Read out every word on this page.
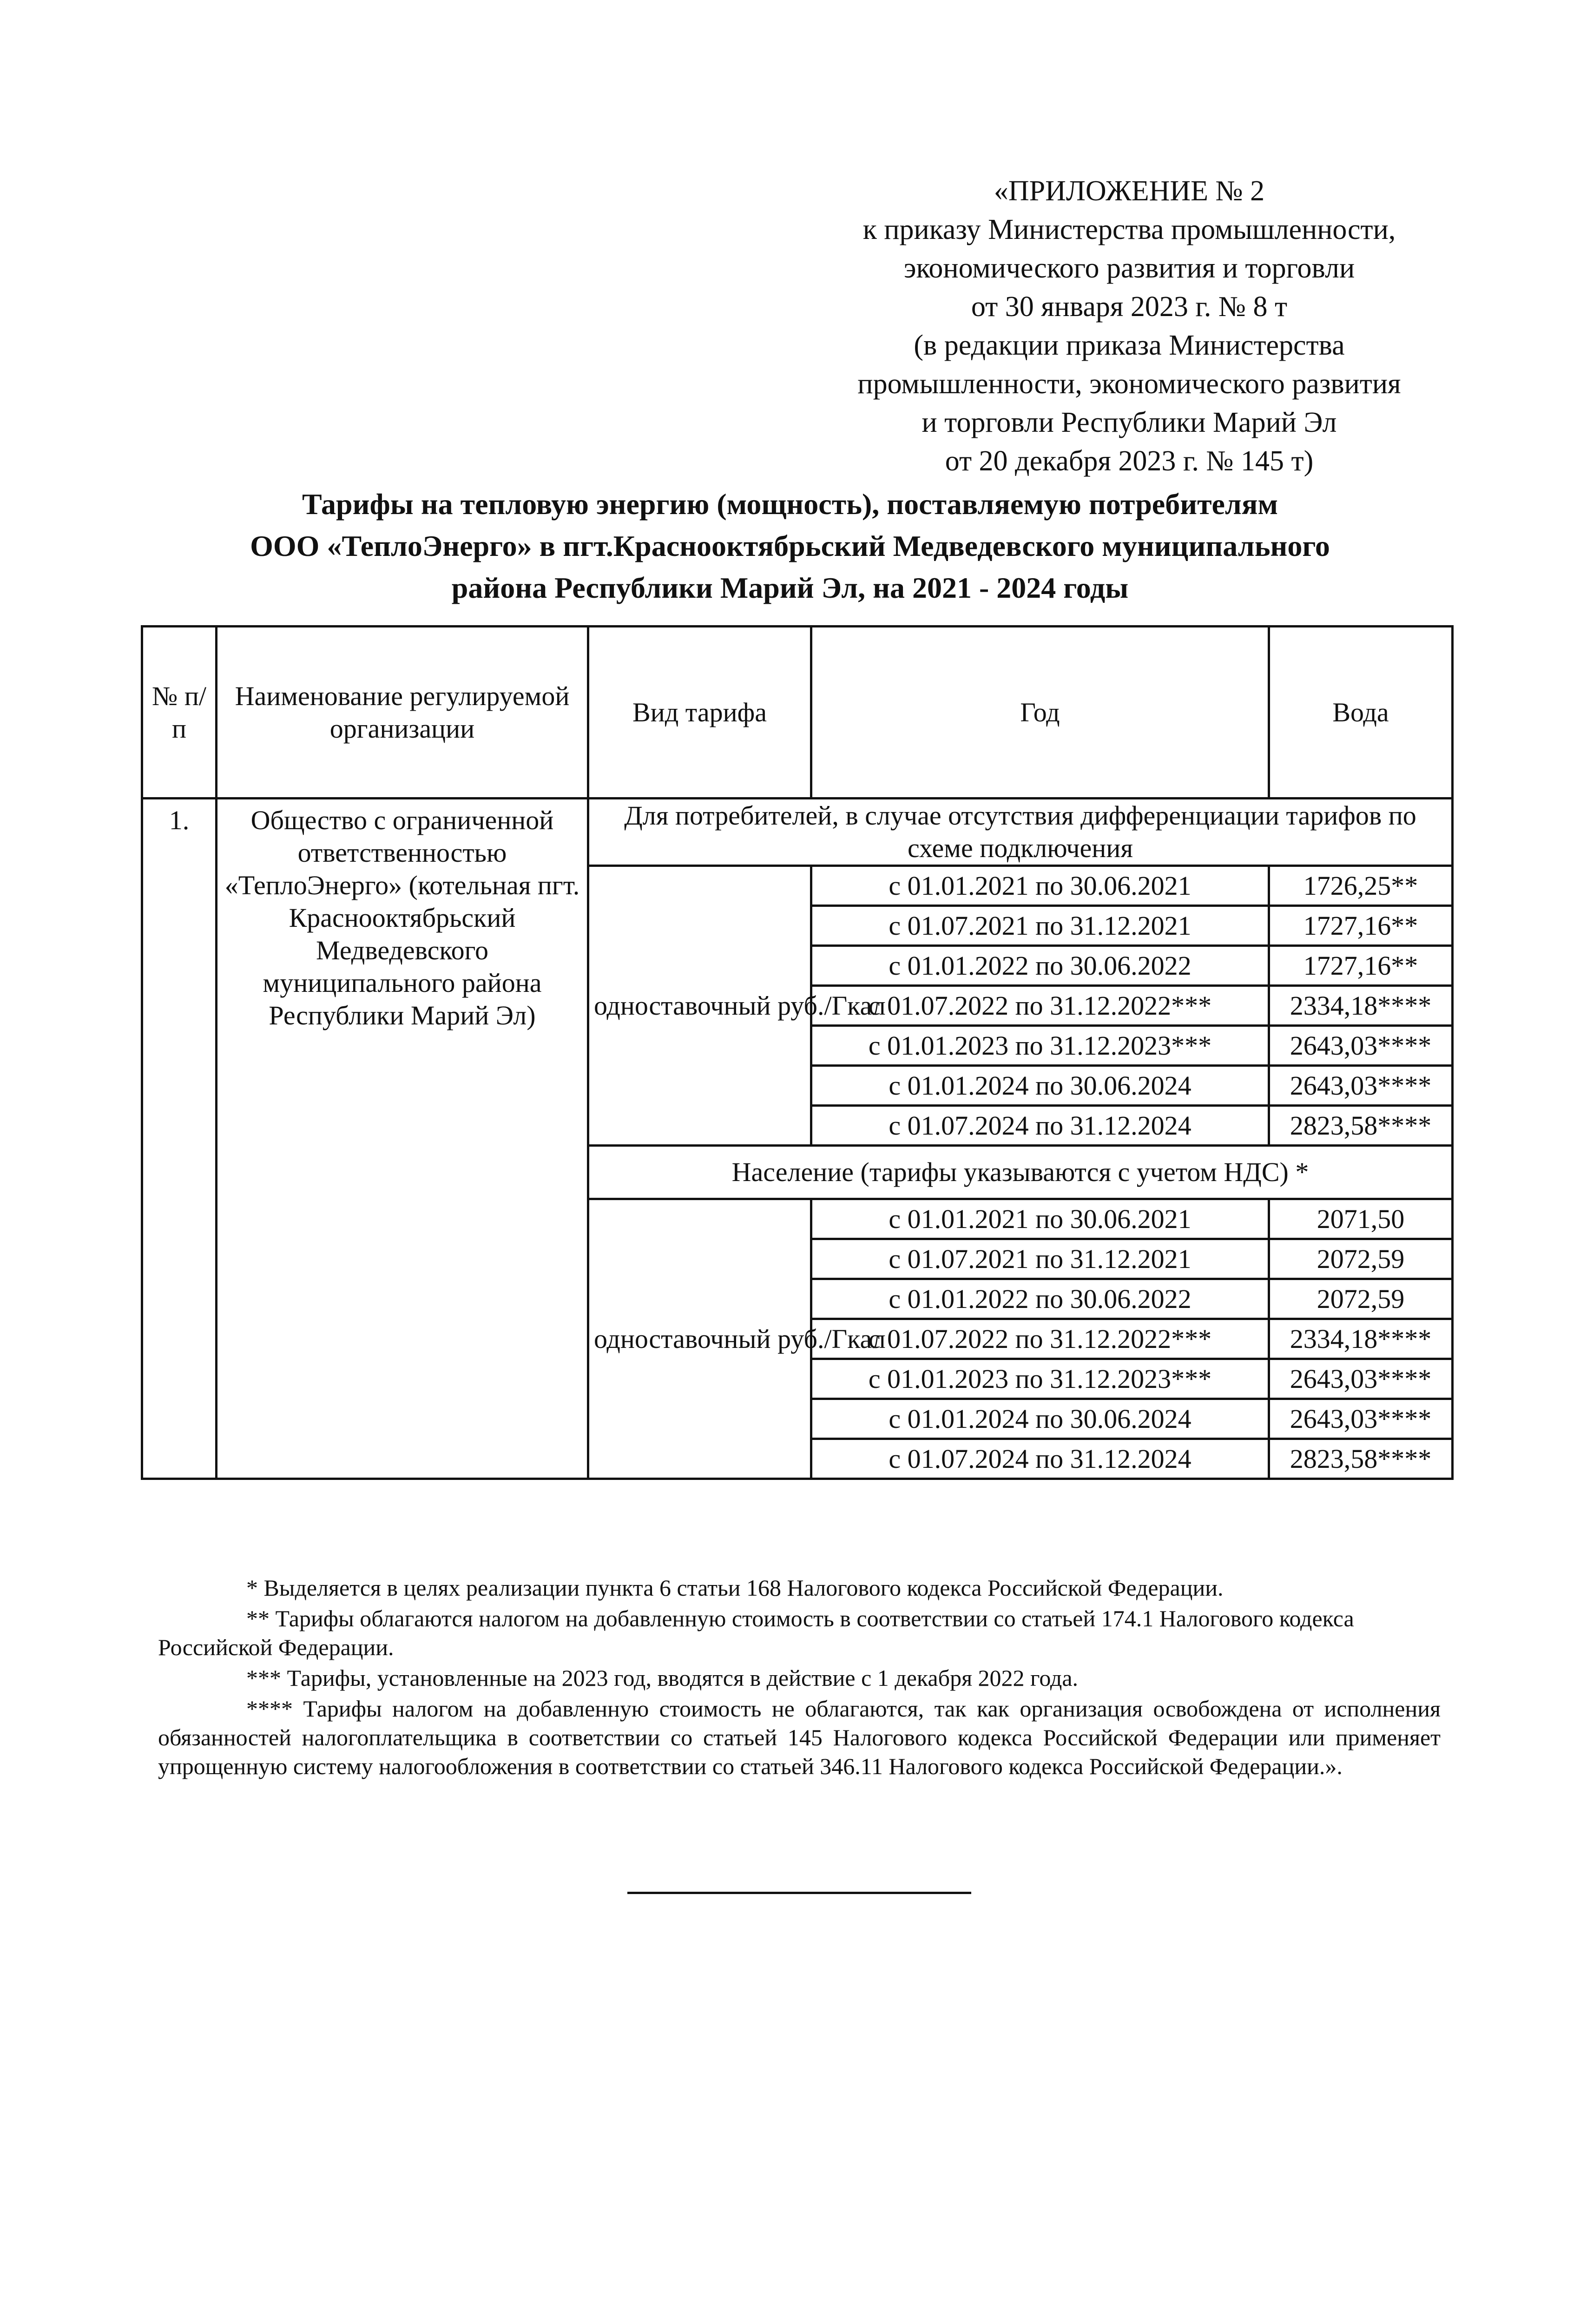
«ПРИЛОЖЕНИЕ № 2
к приказу Министерства промышленности,
экономического развития и торговли
от 30 января 2023 г. № 8 т
(в редакции приказа Министерства
промышленности, экономического развития
и торговли Республики Марий Эл
от 20 декабря 2023 г. № 145 т)
Тарифы на тепловую энергию (мощность), поставляемую потребителям
ООО «ТеплоЭнерго» в пгт.Краснооктябрьский Медведевского муниципального
района Республики Марий Эл, на 2021 - 2024 годы
№ п/п	Наименование регулируемой организации	Вид тарифа	Год	Вода
1.	Общество с ограниченной ответственностью «ТеплоЭнерго» (котельная пгт. Краснооктябрьский Медведевского муниципального района Республики Марий Эл)	Для потребителей, в случае отсутствия дифференциации тарифов по схеме подключения		
		одноставочный руб./Гкал	с 01.01.2021 по 30.06.2021	1726,25**
			с 01.07.2021 по 31.12.2021	1727,16**
			с 01.01.2022 по 30.06.2022	1727,16**
			с 01.07.2022 по 31.12.2022***	2334,18****
			с 01.01.2023 по 31.12.2023***	2643,03****
			с 01.01.2024 по 30.06.2024	2643,03****
			с 01.07.2024 по 31.12.2024	2823,58****
		Население (тарифы указываются с учетом НДС) *		
		одноставочный руб./Гкал	с 01.01.2021 по 30.06.2021	2071,50
			с 01.07.2021 по 31.12.2021	2072,59
			с 01.01.2022 по 30.06.2022	2072,59
			с 01.07.2022 по 31.12.2022***	2334,18****
			с 01.01.2023 по 31.12.2023***	2643,03****
			с 01.01.2024 по 30.06.2024	2643,03****
			с 01.07.2024 по 31.12.2024	2823,58****

* Выделяется в целях реализации пункта 6 статьи 168 Налогового кодекса Российской Федерации.

** Тарифы облагаются налогом на добавленную стоимость в соответствии со статьей 174.1 Налогового кодекса Российской Федерации.

*** Тарифы, установленные на 2023 год, вводятся в действие с 1 декабря 2022 года.

**** Тарифы налогом на добавленную стоимость не облагаются, так как организация освобождена от исполнения обязанностей налогоплательщика в соответствии со статьей 145 Налогового кодекса Российской Федерации или применяет упрощенную систему налогообложения в соответствии со статьей 346.11 Налогового кодекса Российской Федерации.».
